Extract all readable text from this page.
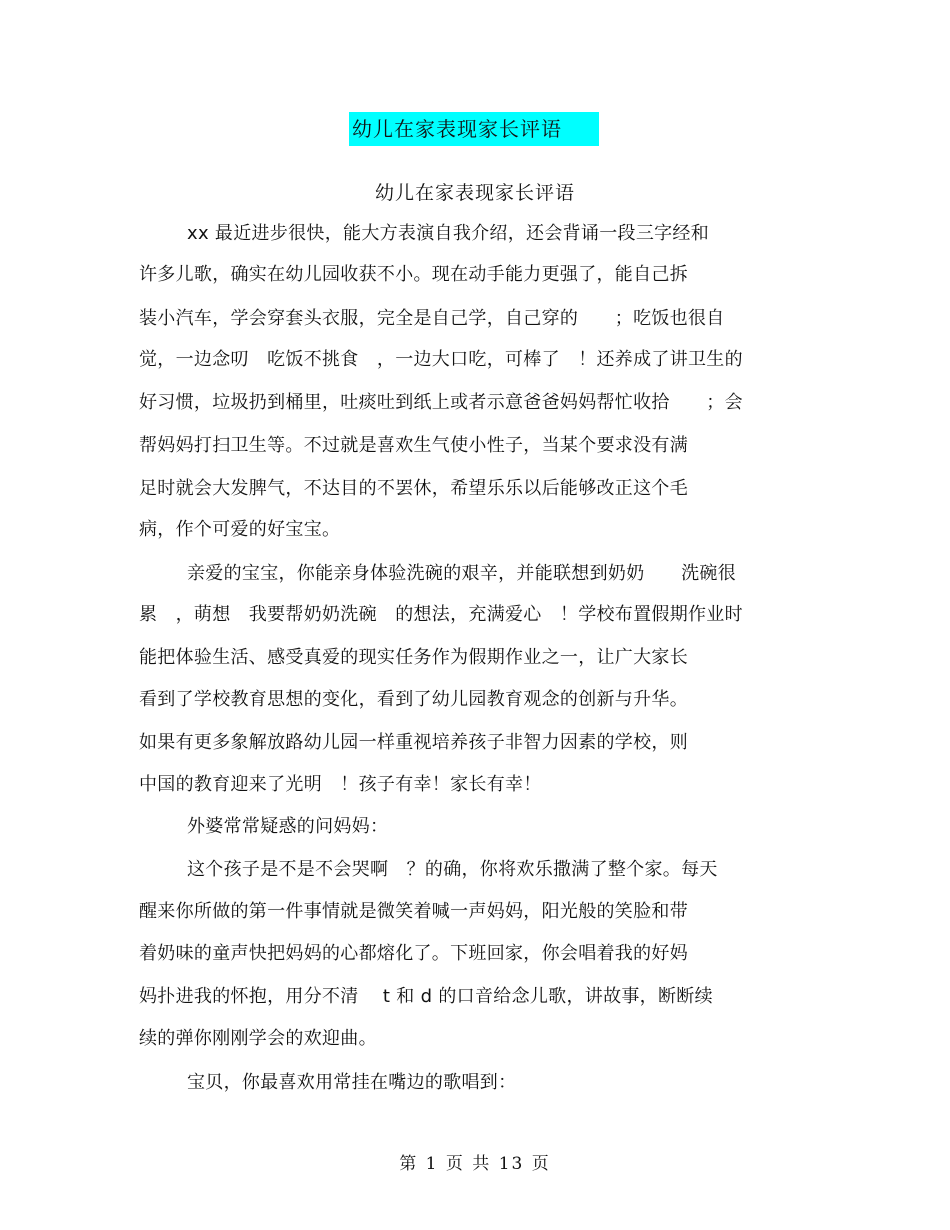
幼儿在家表现家长评语
幼儿在家表现家长评语
xx 最近进步很快，能大方表演自我介绍，还会背诵一段三字经和
许多儿歌，确实在幼儿园收获不小。现在动手能力更强了，能自己拆
装小汽车，学会穿套头衣服，完全是自己学，自己穿的　　；吃饭也很自
觉，一边念叨　吃饭不挑食　，一边大口吃，可棒了　！还养成了讲卫生的
好习惯，垃圾扔到桶里，吐痰吐到纸上或者示意爸爸妈妈帮忙收拾　　；会
帮妈妈打扫卫生等。不过就是喜欢生气使小性子，当某个要求没有满
足时就会大发脾气，不达目的不罢休，希望乐乐以后能够改正这个毛
病，作个可爱的好宝宝。
亲爱的宝宝，你能亲身体验洗碗的艰辛，并能联想到奶奶　　洗碗很
累　，萌想　我要帮奶奶洗碗　的想法，充满爱心　！学校布置假期作业时
能把体验生活、感受真爱的现实任务作为假期作业之一，让广大家长
看到了学校教育思想的变化，看到了幼儿园教育观念的创新与升华。
如果有更多象解放路幼儿园一样重视培养孩子非智力因素的学校，则
中国的教育迎来了光明　！孩子有幸！家长有幸！
外婆常常疑惑的问妈妈：
这个孩子是不是不会哭啊　？的确，你将欢乐撒满了整个家。每天
醒来你所做的第一件事情就是微笑着喊一声妈妈，阳光般的笑脸和带
着奶味的童声快把妈妈的心都熔化了。下班回家，你会唱着我的好妈
妈扑进我的怀抱，用分不清　 t 和 d 的口音给念儿歌，讲故事，断断续
续的弹你刚刚学会的欢迎曲。
宝贝，你最喜欢用常挂在嘴边的歌唱到：
第 1 页 共 13 页
